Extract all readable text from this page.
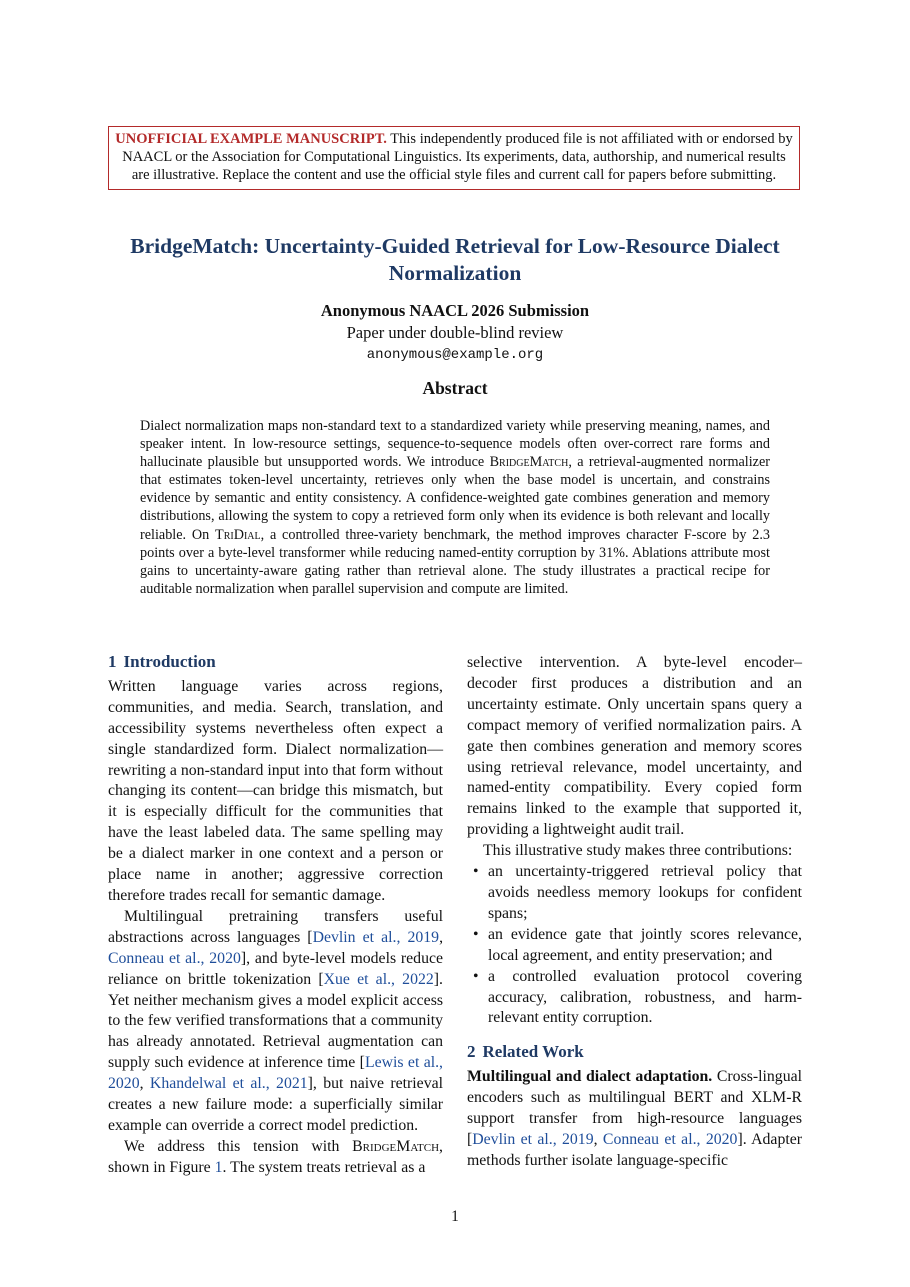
UNOFFICIAL EXAMPLE MANUSCRIPT. This independently produced file is not affiliated with or endorsed by NAACL or the Association for Computational Linguistics. Its experiments, data, authorship, and numerical results are illustrative. Replace the content and use the official style files and current call for papers before submitting.
BridgeMatch: Uncertainty-Guided Retrieval for Low-Resource Dialect Normalization
Anonymous NAACL 2026 Submission
Paper under double-blind review
anonymous@example.org
Abstract

Dialect normalization maps non-standard text to a standardized variety while preserving meaning, names, and speaker intent. In low-resource settings, sequence-to-sequence models often over-correct rare forms and hallucinate plausible but unsupported words. We introduce BridgeMatch, a retrieval-augmented normalizer that estimates token-level uncertainty, retrieves only when the base model is uncertain, and constrains evidence by semantic and entity consistency. A confidence-weighted gate combines generation and memory distributions, allowing the system to copy a retrieved form only when its evidence is both relevant and locally reliable. On TriDial, a controlled three-variety benchmark, the method improves character F-score by 2.3 points over a byte-level transformer while reducing named-entity corruption by 31%. Ablations attribute most gains to uncertainty-aware gating rather than retrieval alone. The study illustrates a practical recipe for auditable normalization when parallel supervision and compute are limited.

1 Introduction

Written language varies across regions, communities, and media. Search, translation, and accessibility systems nevertheless often expect a single standardized form. Dialect normalization—rewriting a non-standard input into that form without changing its content—can bridge this mismatch, but it is especially difficult for the communities that have the least labeled data. The same spelling may be a dialect marker in one context and a person or place name in another; aggressive correction therefore trades recall for semantic damage.

Multilingual pretraining transfers useful abstractions across languages [Devlin et al., 2019, Conneau et al., 2020], and byte-level models reduce reliance on brittle tokenization [Xue et al., 2022]. Yet neither mechanism gives a model explicit access to the few verified transformations that a community has already annotated. Retrieval augmentation can supply such evidence at inference time [Lewis et al., 2020, Khandelwal et al., 2021], but naive retrieval creates a new failure mode: a superficially similar example can override a correct model prediction.

We address this tension with BridgeMatch, shown in Figure 1. The system treats retrieval as a

selective intervention. A byte-level encoder– decoder first produces a distribution and an uncertainty estimate. Only uncertain spans query a compact memory of verified normalization pairs. A gate then combines generation and memory scores using retrieval relevance, model uncertainty, and named-entity compatibility. Every copied form remains linked to the example that supported it, providing a lightweight audit trail.

This illustrative study makes three contributions:

• an uncertainty-triggered retrieval policy that avoids needless memory lookups for confident spans;
• an evidence gate that jointly scores relevance, local agreement, and entity preservation; and
• a controlled evaluation protocol covering accuracy, calibration, robustness, and harm-relevant entity corruption.
2 Related Work

Multilingual and dialect adaptation. Cross-lingual encoders such as multilingual BERT and XLM-R support transfer from high-resource languages [Devlin et al., 2019, Conneau et al., 2020]. Adapter methods further isolate language-specific

1
